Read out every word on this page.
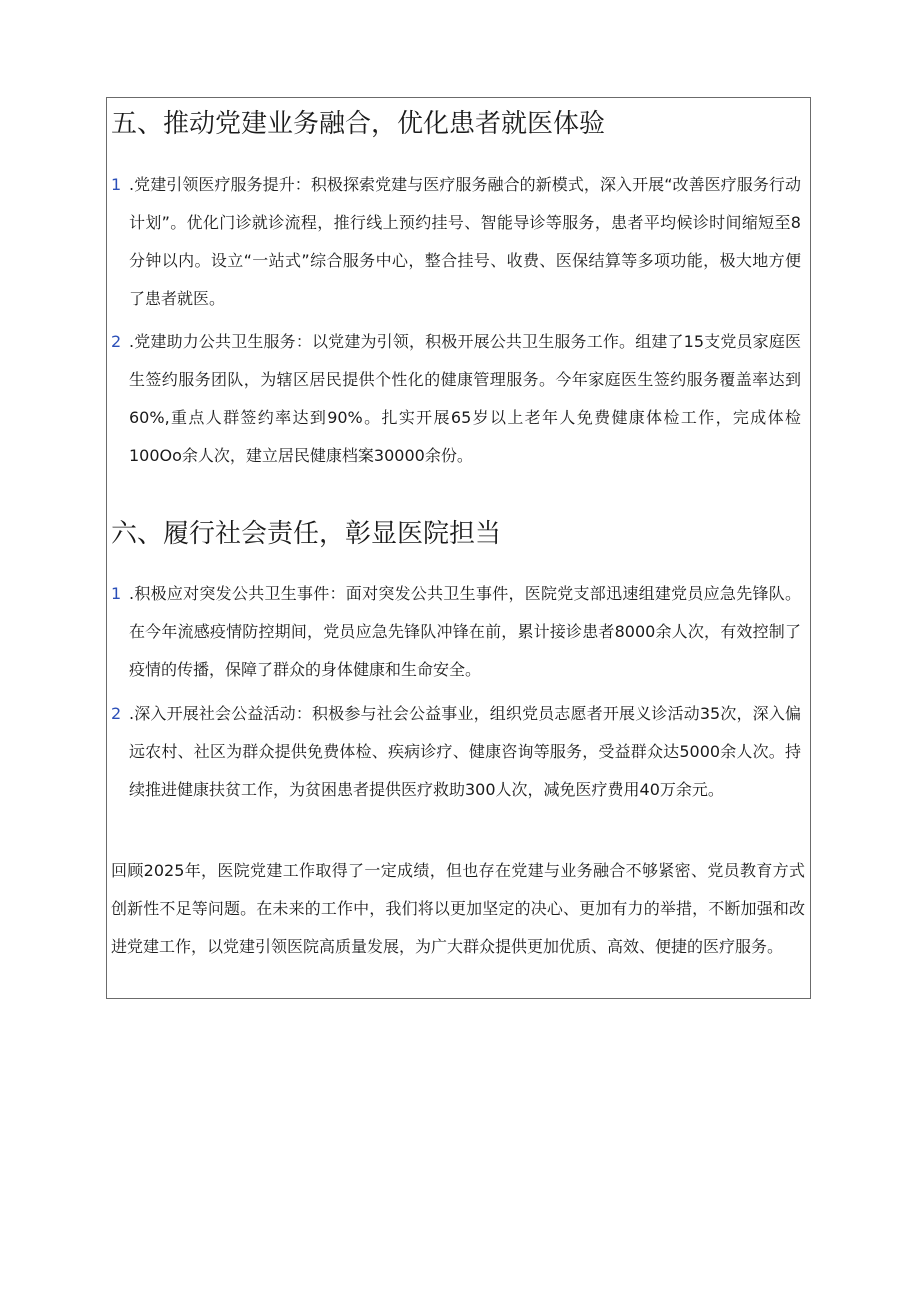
五、推动党建业务融合，优化患者就医体验
1 .党建引领医疗服务提升：积极探索党建与医疗服务融合的新模式，深入开展“改善医疗服务行动计划”。优化门诊就诊流程，推行线上预约挂号、智能导诊等服务，患者平均候诊时间缩短至8分钟以内。设立“一站式”综合服务中心，整合挂号、收费、医保结算等多项功能，极大地方便了患者就医。

2 .党建助力公共卫生服务：以党建为引领，积极开展公共卫生服务工作。组建了15支党员家庭医生签约服务团队，为辖区居民提供个性化的健康管理服务。今年家庭医生签约服务覆盖率达到60%,重点人群签约率达到90%。扎实开展65岁以上老年人免费健康体检工作，完成体检100Oo余人次，建立居民健康档案30000余份。

六、履行社会责任，彰显医院担当
1 .积极应对突发公共卫生事件：面对突发公共卫生事件，医院党支部迅速组建党员应急先锋队。在今年流感疫情防控期间，党员应急先锋队冲锋在前，累计接诊患者8000余人次，有效控制了疫情的传播，保障了群众的身体健康和生命安全。

2 .深入开展社会公益活动：积极参与社会公益事业，组织党员志愿者开展义诊活动35次，深入偏远农村、社区为群众提供免费体检、疾病诊疗、健康咨询等服务，受益群众达5000余人次。持续推进健康扶贫工作，为贫困患者提供医疗救助300人次，减免医疗费用40万余元。

回顾2025年，医院党建工作取得了一定成绩，但也存在党建与业务融合不够紧密、党员教育方式创新性不足等问题。在未来的工作中，我们将以更加坚定的决心、更加有力的举措，不断加强和改进党建工作，以党建引领医院高质量发展，为广大群众提供更加优质、高效、便捷的医疗服务。
